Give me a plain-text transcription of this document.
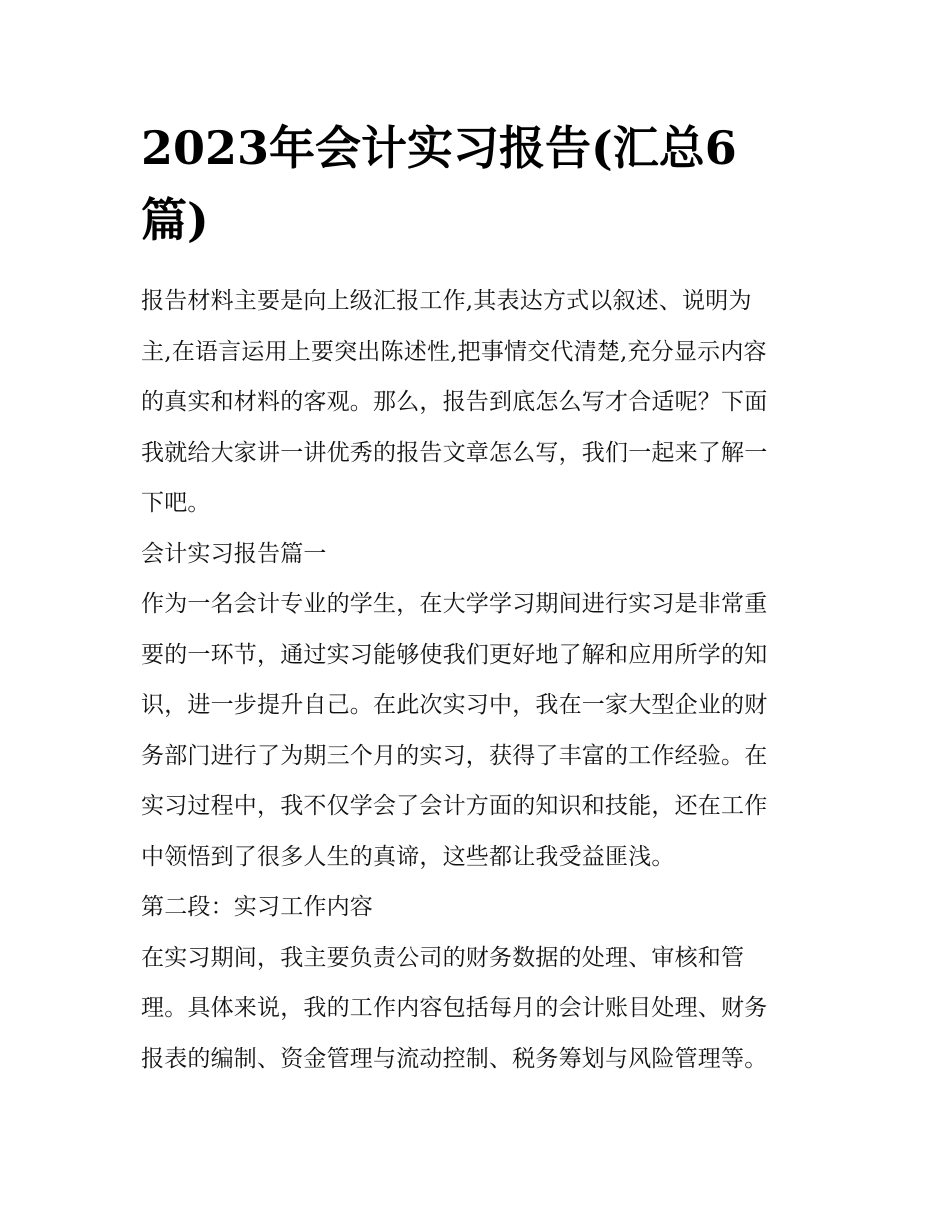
2023年会计实习报告(汇总6
篇)
报告材料主要是向上级汇报工作,其表达方式以叙述、说明为
主,在语言运用上要突出陈述性,把事情交代清楚,充分显示内容
的真实和材料的客观。那么，报告到底怎么写才合适呢？下面
我就给大家讲一讲优秀的报告文章怎么写，我们一起来了解一
下吧。
会计实习报告篇一
作为一名会计专业的学生，在大学学习期间进行实习是非常重
要的一环节，通过实习能够使我们更好地了解和应用所学的知
识，进一步提升自己。在此次实习中，我在一家大型企业的财
务部门进行了为期三个月的实习，获得了丰富的工作经验。在
实习过程中，我不仅学会了会计方面的知识和技能，还在工作
中领悟到了很多人生的真谛，这些都让我受益匪浅。
第二段：实习工作内容
在实习期间，我主要负责公司的财务数据的处理、审核和管
理。具体来说，我的工作内容包括每月的会计账目处理、财务
报表的编制、资金管理与流动控制、税务筹划与风险管理等。
